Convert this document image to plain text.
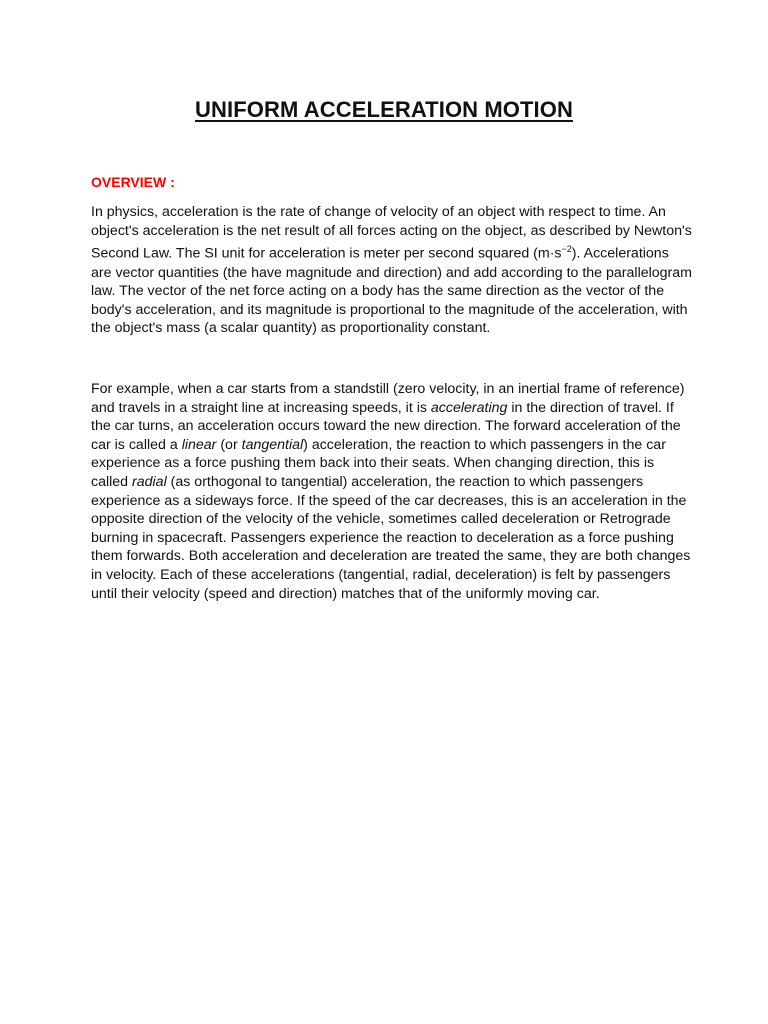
UNIFORM ACCELERATION MOTION
OVERVIEW :

In physics, acceleration is the rate of change of velocity of an object with respect to time. An
object's acceleration is the net result of all forces acting on the object, as described by Newton's
Second Law. The SI unit for acceleration is meter per second squared $(m\cdot s^{-2})$. Accelerations
are vector quantities (the have magnitude and direction) and add according to the parallelogram
law. The vector of the net force acting on a body has the same direction as the vector of the
body's acceleration, and its magnitude is proportional to the magnitude of the acceleration, with
the object's mass (a scalar quantity) as proportionality constant.

For example, when a car starts from a standstill (zero velocity, in an inertial frame of reference)
and travels in a straight line at increasing speeds, it is accelerating in the direction of travel. If
the car turns, an acceleration occurs toward the new direction. The forward acceleration of the
car is called a linear (or tangential) acceleration, the reaction to which passengers in the car
experience as a force pushing them back into their seats. When changing direction, this is
called radial (as orthogonal to tangential) acceleration, the reaction to which passengers
experience as a sideways force. If the speed of the car decreases, this is an acceleration in the
opposite direction of the velocity of the vehicle, sometimes called deceleration or Retrograde
burning in spacecraft. Passengers experience the reaction to deceleration as a force pushing
them forwards. Both acceleration and deceleration are treated the same, they are both changes
in velocity. Each of these accelerations (tangential, radial, deceleration) is felt by passengers
until their velocity (speed and direction) matches that of the uniformly moving car.
